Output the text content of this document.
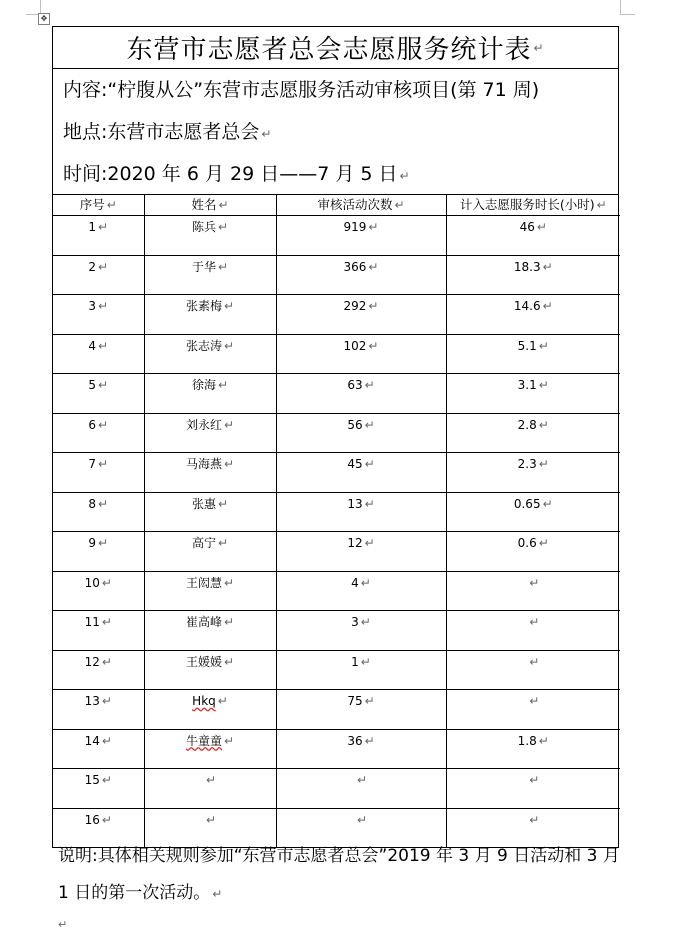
✥
东营市志愿者总会志愿服务统计表 ↵
内容:“柠腹从公”东营市志愿服务活动审核项目(第 71 周)
地点:东营市志愿者总会 ↵
时间:2020 年 6 月 29 日——7 月 5 日 ↵
序号 ↵	姓名 ↵	审核活动次数 ↵	计入志愿服务时长(小时) ↵
1 ↵	陈兵 ↵	919 ↵	46 ↵
2 ↵	于华 ↵	366 ↵	18.3 ↵
3 ↵	张素梅 ↵	292 ↵	14.6 ↵
4 ↵	张志涛 ↵	102 ↵	5.1 ↵
5 ↵	徐海 ↵	63 ↵	3.1 ↵
6 ↵	刘永红 ↵	56 ↵	2.8 ↵
7 ↵	马海燕 ↵	45 ↵	2.3 ↵
8 ↵	张惠 ↵	13 ↵	0.65 ↵
9 ↵	高宁 ↵	12 ↵	0.6 ↵
10 ↵	王闳慧 ↵	4 ↵	↵
11 ↵	崔高峰 ↵	3 ↵	↵
12 ↵	王媛媛 ↵	1 ↵	↵
13 ↵	Hkq ↵	75 ↵	↵
14 ↵	牛童童 ↵	36 ↵	1.8 ↵
15 ↵	↵	↵	↵
16 ↵	↵	↵	↵
说明:具体相关规则参加“东营市志愿者总会”2019 年 3 月 9 日活动和 3 月 1 日的第一次活动。 ↵
↵
